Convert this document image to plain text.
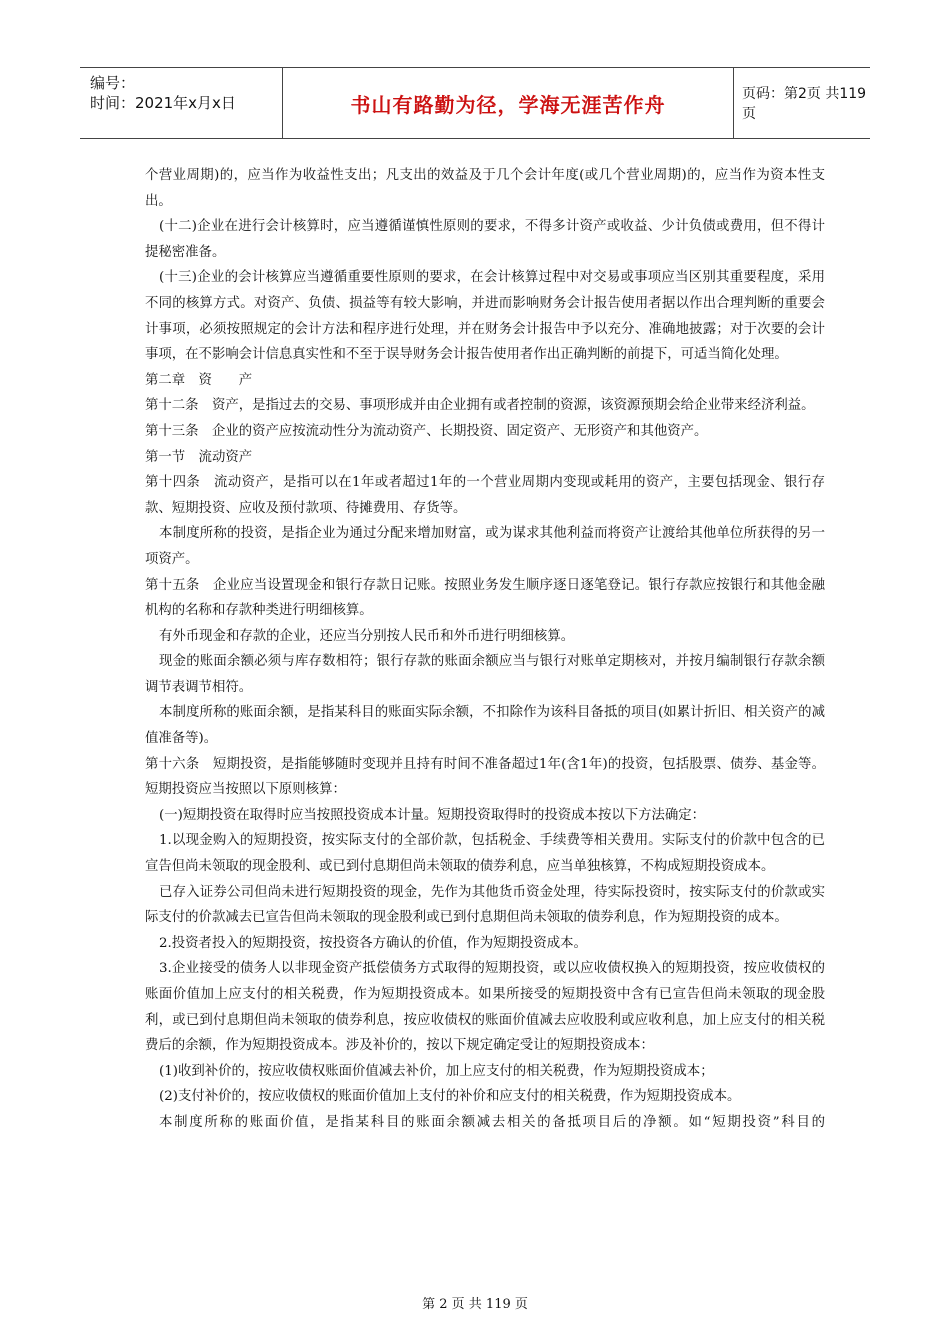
编号：
时间：2021年x月x日	书山有路勤为径，学海无涯苦作舟	页码：第2页 共119页

个营业周期)的，应当作为收益性支出；凡支出的效益及于几个会计年度(或几个营业周期)的，应当作为资本性支出。

(十二)企业在进行会计核算时，应当遵循谨慎性原则的要求，不得多计资产或收益、少计负债或费用，但不得计提秘密准备。

(十三)企业的会计核算应当遵循重要性原则的要求，在会计核算过程中对交易或事项应当区别其重要程度，采用不同的核算方式。对资产、负债、损益等有较大影响，并进而影响财务会计报告使用者据以作出合理判断的重要会计事项，必须按照规定的会计方法和程序进行处理，并在财务会计报告中予以充分、准确地披露；对于次要的会计事项，在不影响会计信息真实性和不至于误导财务会计报告使用者作出正确判断的前提下，可适当简化处理。

第二章　资　　产

第十二条　资产，是指过去的交易、事项形成并由企业拥有或者控制的资源，该资源预期会给企业带来经济利益。

第十三条　企业的资产应按流动性分为流动资产、长期投资、固定资产、无形资产和其他资产。

第一节　流动资产

第十四条　流动资产，是指可以在1年或者超过1年的一个营业周期内变现或耗用的资产，主要包括现金、银行存款、短期投资、应收及预付款项、待摊费用、存货等。

本制度所称的投资，是指企业为通过分配来增加财富，或为谋求其他利益而将资产让渡给其他单位所获得的另一项资产。

第十五条　企业应当设置现金和银行存款日记账。按照业务发生顺序逐日逐笔登记。银行存款应按银行和其他金融机构的名称和存款种类进行明细核算。

有外币现金和存款的企业，还应当分别按人民币和外币进行明细核算。

现金的账面余额必须与库存数相符；银行存款的账面余额应当与银行对账单定期核对，并按月编制银行存款余额调节表调节相符。

本制度所称的账面余额，是指某科目的账面实际余额，不扣除作为该科目备抵的项目(如累计折旧、相关资产的减值准备等)。

第十六条　短期投资，是指能够随时变现并且持有时间不准备超过1年(含1年)的投资，包括股票、债券、基金等。短期投资应当按照以下原则核算：

(一)短期投资在取得时应当按照投资成本计量。短期投资取得时的投资成本按以下方法确定：

1.以现金购入的短期投资，按实际支付的全部价款，包括税金、手续费等相关费用。实际支付的价款中包含的已宣告但尚未领取的现金股利、或已到付息期但尚未领取的债券利息，应当单独核算，不构成短期投资成本。

已存入证券公司但尚未进行短期投资的现金，先作为其他货币资金处理，待实际投资时，按实际支付的价款或实际支付的价款减去已宣告但尚未领取的现金股利或已到付息期但尚未领取的债券利息，作为短期投资的成本。

2.投资者投入的短期投资，按投资各方确认的价值，作为短期投资成本。

3.企业接受的债务人以非现金资产抵偿债务方式取得的短期投资，或以应收债权换入的短期投资，按应收债权的账面价值加上应支付的相关税费，作为短期投资成本。如果所接受的短期投资中含有已宣告但尚未领取的现金股利，或已到付息期但尚未领取的债券利息，按应收债权的账面价值减去应收股利或应收利息，加上应支付的相关税费后的余额，作为短期投资成本。涉及补价的，按以下规定确定受让的短期投资成本：

(1)收到补价的，按应收债权账面价值减去补价，加上应支付的相关税费，作为短期投资成本；

(2)支付补价的，按应收债权的账面价值加上支付的补价和应支付的相关税费，作为短期投资成本。

本制度所称的账面价值，是指某科目的账面余额减去相关的备抵项目后的净额。如“短期投资”科目的

第 2 页 共 119 页
